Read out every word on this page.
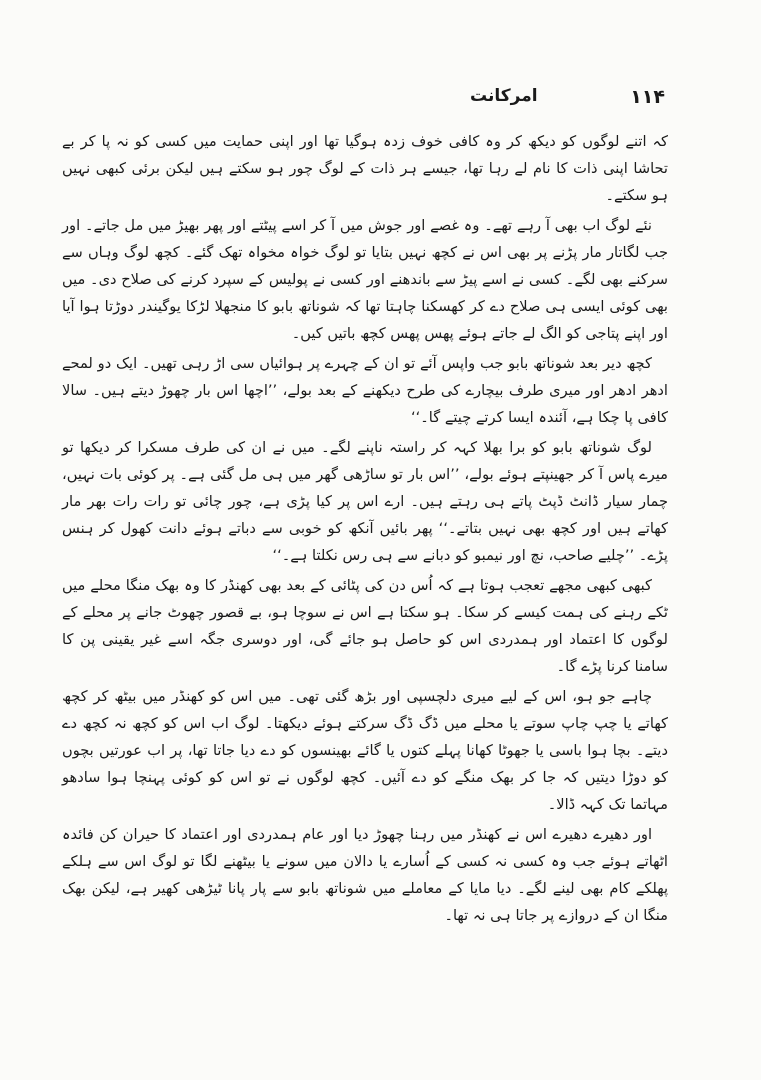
امرکانت	۱۱۴

کہ اتنے لوگوں کو دیکھ کر وہ کافی خوف زدہ ہوگیا تھا اور اپنی حمایت میں کسی کو نہ پا کر بے تحاشا اپنی ذات کا نام لے رہا تھا، جیسے ہر ذات کے لوگ چور ہو سکتے ہیں لیکن برئی کبھی نہیں ہو سکتے۔

نئے لوگ اب بھی آ رہے تھے۔ وہ غصے اور جوش میں آ کر اسے پیٹتے اور پھر بھیڑ میں مل جاتے۔ اور جب لگاتار مار پڑنے پر بھی اس نے کچھ نہیں بتایا تو لوگ خواہ مخواہ تھک گئے۔ کچھ لوگ وہاں سے سرکنے بھی لگے۔ کسی نے اسے پیڑ سے باندھنے اور کسی نے پولیس کے سپرد کرنے کی صلاح دی۔ میں بھی کوئی ایسی ہی صلاح دے کر کھسکنا چاہتا تھا کہ شوناتھ بابو کا منجھلا لڑکا یوگیندر دوڑتا ہوا آیا اور اپنے پتاجی کو الگ لے جاتے ہوئے پھس پھس کچھ باتیں کیں۔

کچھ دیر بعد شوناتھ بابو جب واپس آئے تو ان کے چہرے پر ہوائیاں سی اڑ رہی تھیں۔ ایک دو لمحے ادھر ادھر اور میری طرف بیچارے کی طرح دیکھنے کے بعد بولے، ’’اچھا اس بار چھوڑ دیتے ہیں۔ سالا کافی پا چکا ہے، آئندہ ایسا کرتے چیتے گا۔‘‘

لوگ شوناتھ بابو کو برا بھلا کہہ کر راستہ ناپنے لگے۔ میں نے ان کی طرف مسکرا کر دیکھا تو میرے پاس آ کر جھینپتے ہوئے بولے، ’’اس بار تو ساڑھی گھر میں ہی مل گئی ہے۔ پر کوئی بات نہیں، چمار سیار ڈانٹ ڈپٹ پاتے ہی رہتے ہیں۔ ارے اس پر کیا پڑی ہے، چور چائی تو رات رات بھر مار کھاتے ہیں اور کچھ بھی نہیں بتاتے۔‘‘ پھر بائیں آنکھ کو خوبی سے دباتے ہوئے دانت کھول کر ہنس پڑے۔ ’’چلیے صاحب، نچ اور نیمبو کو دبانے سے ہی رس نکلتا ہے۔‘‘

کبھی کبھی مجھے تعجب ہوتا ہے کہ اُس دن کی پٹائی کے بعد بھی کھنڈر کا وہ بھک منگا محلے میں ٹکے رہنے کی ہمت کیسے کر سکا۔ ہو سکتا ہے اس نے سوچا ہو، بے قصور چھوٹ جانے پر محلے کے لوگوں کا اعتماد اور ہمدردی اس کو حاصل ہو جائے گی، اور دوسری جگہ اسے غیر یقینی پن کا سامنا کرنا پڑے گا۔

چاہے جو ہو، اس کے لیے میری دلچسپی اور بڑھ گئی تھی۔ میں اس کو کھنڈر میں بیٹھ کر کچھ کھاتے یا چپ چاپ سوتے یا محلے میں ڈگ ڈگ سرکتے ہوئے دیکھتا۔ لوگ اب اس کو کچھ نہ کچھ دے دیتے۔ بچا ہوا باسی یا جھوٹا کھانا پہلے کتوں یا گائے بھینسوں کو دے دیا جاتا تھا، پر اب عورتیں بچوں کو دوڑا دیتیں کہ جا کر بھک منگے کو دے آئیں۔ کچھ لوگوں نے تو اس کو کوئی پہنچا ہوا سادھو مہاتما تک کہہ ڈالا۔

اور دھیرے دھیرے اس نے کھنڈر میں رہنا چھوڑ دیا اور عام ہمدردی اور اعتماد کا حیران کن فائدہ اٹھاتے ہوئے جب وہ کسی نہ کسی کے اُسارے یا دالان میں سونے یا بیٹھنے لگا تو لوگ اس سے ہلکے پھلکے کام بھی لینے لگے۔ دیا مایا کے معاملے میں شوناتھ بابو سے پار پانا ٹیڑھی کھیر ہے، لیکن بھک منگا ان کے دروازے پر جاتا ہی نہ تھا۔
